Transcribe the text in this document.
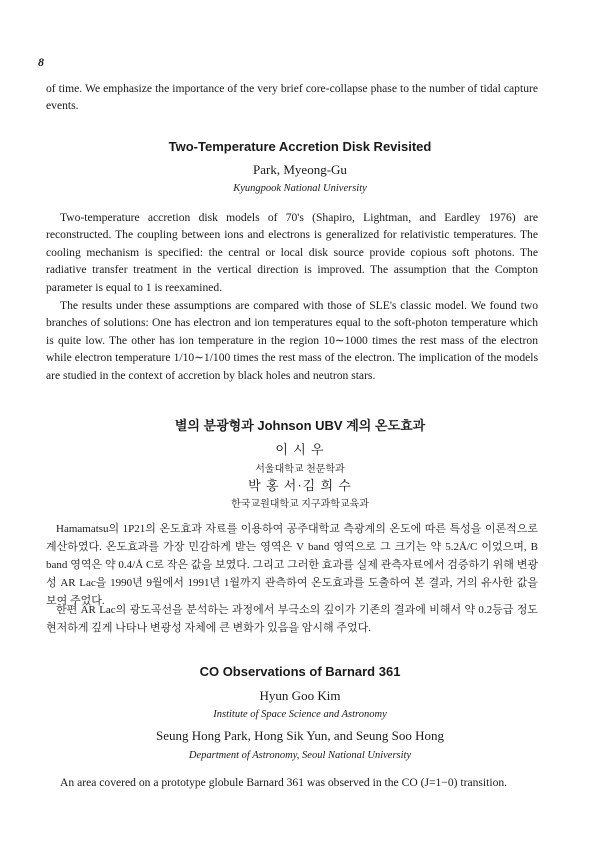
8

of time. We emphasize the importance of the very brief core-collapse phase to the number of tidal capture events.

Two-Temperature Accretion Disk Revisited

Park, Myeong-Gu

Kyungpook National University

Two-temperature accretion disk models of 70's (Shapiro, Lightman, and Eardley 1976) are reconstructed. The coupling between ions and electrons is generalized for relativistic temperatures. The cooling mechanism is specified: the central or local disk source provide copious soft photons. The radiative transfer treatment in the vertical direction is improved. The assumption that the Compton parameter is equal to 1 is reexamined.

The results under these assumptions are compared with those of SLE's classic model. We found two branches of solutions: One has electron and ion temperatures equal to the soft-photon temperature which is quite low. The other has ion temperature in the region 10∼1000 times the rest mass of the electron while electron temperature 1/10∼1/100 times the rest mass of the electron. The implication of the models are studied in the context of accretion by black holes and neutron stars.

별의 분광형과 Johnson UBV 계의 온도효과

이 시 우

서울대학교 천문학과

박 홍 서·김 희 수

한국교원대학교 지구과학교육과

Hamamatsu의 1P21의 온도효과 자료를 이용하여 공주대학교 측광계의 온도에 따른 특성을 이론적으로 계산하였다. 온도효과를 가장 민감하게 받는 영역은 V band 영역으로 그 크기는 약 5.2Å/C 이었으며, B band 영역은 약 0.4/Å C로 작은 값을 보였다. 그리고 그러한 효과를 실제 관측자료에서 검증하기 위해 변광성 AR Lac을 1990년 9월에서 1991년 1월까지 관측하여 온도효과를 도출하여 본 결과, 거의 유사한 값을 보여 주었다.

한편 AR Lac의 광도곡선을 분석하는 과정에서 부극소의 깊이가 기존의 결과에 비해서 약 0.2등급 정도 현저하게 깊게 나타나 변광성 자체에 큰 변화가 있음을 암시해 주었다.

CO Observations of Barnard 361

Hyun Goo Kim

Institute of Space Science and Astronomy

Seung Hong Park, Hong Sik Yun, and Seung Soo Hong

Department of Astronomy, Seoul National University

An area covered on a prototype globule Barnard 361 was observed in the CO (J=1−0) transition.
